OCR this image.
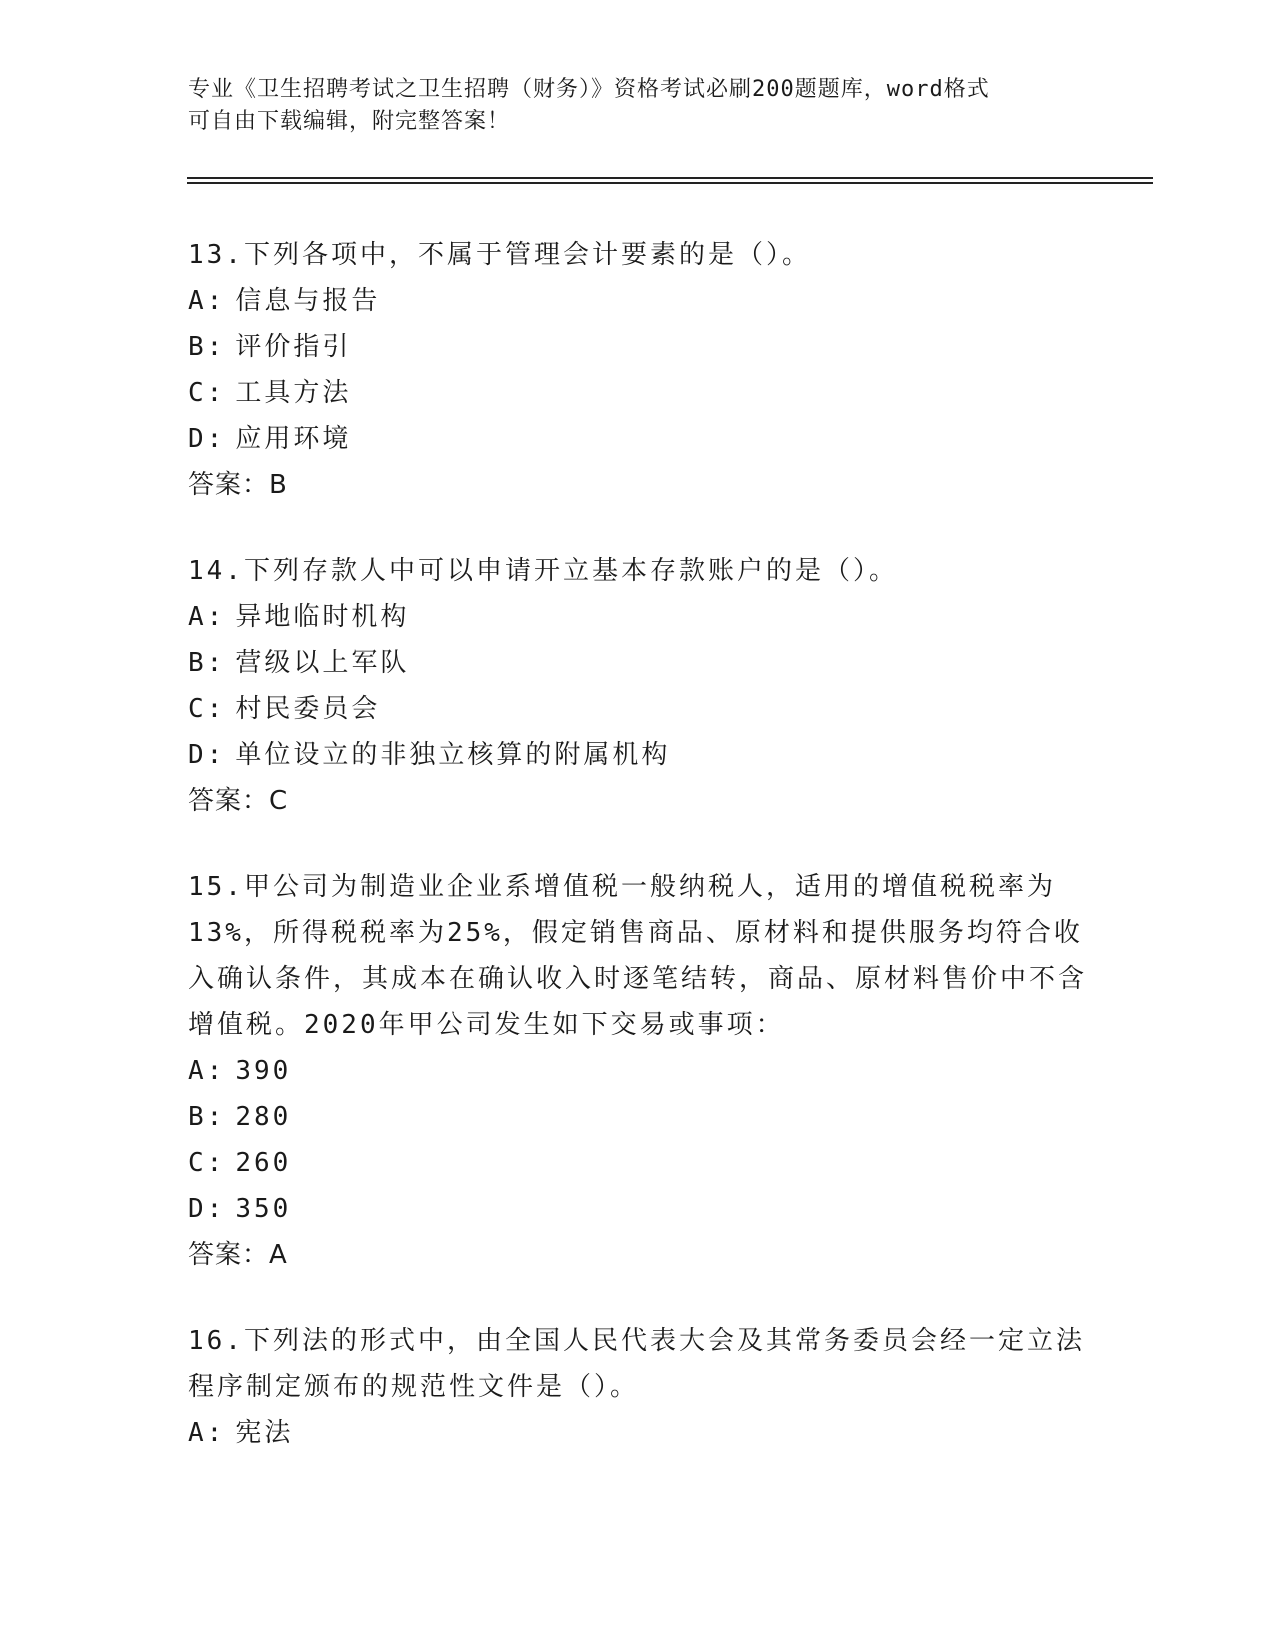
专业《卫生招聘考试之卫生招聘（财务）》资格考试必刷200题题库，word格式
可自由下载编辑，附完整答案！
13.下列各项中，不属于管理会计要素的是（）。
A: 信息与报告
B: 评价指引
C: 工具方法
D: 应用环境
答案：B
14.下列存款人中可以申请开立基本存款账户的是（）。
A: 异地临时机构
B: 营级以上军队
C: 村民委员会
D: 单位设立的非独立核算的附属机构
答案：C
15.甲公司为制造业企业系增值税一般纳税人，适用的增值税税率为13%，所得税税率为25%，假定销售商品、原材料和提供服务均符合收入确认条件，其成本在确认收入时逐笔结转，商品、原材料售价中不含增值税。2020年甲公司发生如下交易或事项：
A: 390
B: 280
C: 260
D: 350
答案：A
16.下列法的形式中，由全国人民代表大会及其常务委员会经一定立法程序制定颁布的规范性文件是（）。
A: 宪法
